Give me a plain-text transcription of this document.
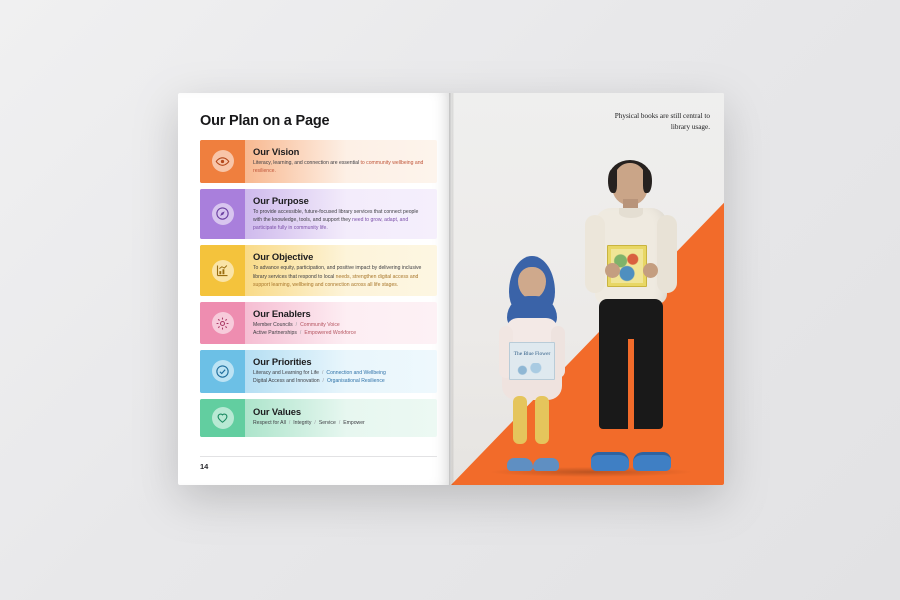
Our Plan on a Page
Our Vision
Literacy, learning, and connection are essential to community wellbeing and resilience.
Our Purpose
To provide accessible, future-focused library services that connect people with the knowledge, tools, and support they need to grow, adapt, and participate fully in community life.
Our Objective
To advance equity, participation, and positive impact by delivering inclusive library services that respond to local needs, strengthen digital access and support learning, wellbeing and connection across all life stages.
Our Enablers
Member Councils / Community Voice
Active Partnerships / Empowered Workforce
Our Priorities
Literacy and Learning for Life / Connection and Wellbeing
Digital Access and Innovation / Organisational Resilience
Our Values
Respect for All / Integrity / Service / Empower
14
The Blue Flower
Physical books are still central to library usage.
